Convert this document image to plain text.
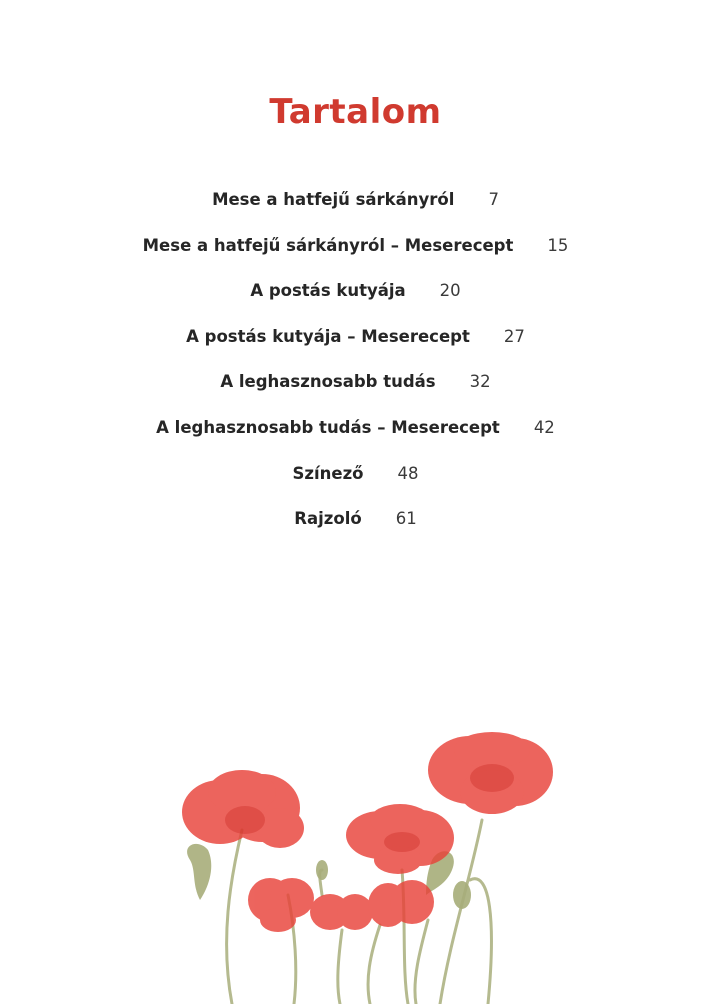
Tartalom
Mese a hatfejű sárkányról 7
Mese a hatfejű sárkányról – Meserecept 15
A postás kutyája 20
A postás kutyája – Meserecept 27
A leghasznosabb tudás 32
A leghasznosabb tudás – Meserecept 42
Színező 48
Rajzoló 61
